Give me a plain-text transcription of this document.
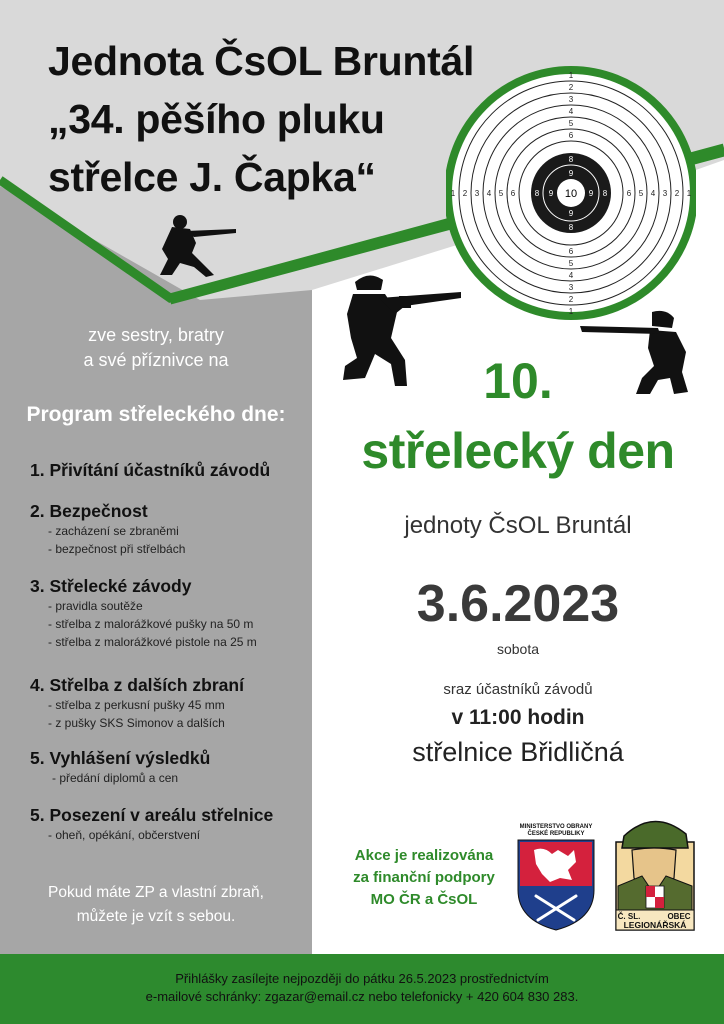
Jednota ČsOL Bruntál
„34. pěšího pluku
střelce J. Čapka“
1
1
1	1
2
2
2	2
3
3
3	3
4
4
4	4
5
5
5	5
6
6
6	6
7
7
7	7
8
8
8	8
9
9
9	9
10
zve sestry, bratry
a své příznivce na
Program střeleckého dne:

1. Přivítání účastníků závodů

2. Bezpečnost

- zacházení se zbraněmi

- bezpečnost při střelbách

3. Střelecké závody

- pravidla soutěže

- střelba z malorážkové pušky na 50 m

- střelba z malorážkové pistole na 25 m

4. Střelba z dalších zbraní

- střelba z perkusní pušky 45 mm

- z pušky SKS Simonov a dalších

5. Vyhlášení výsledků

- předání diplomů a cen

5. Posezení v areálu střelnice

- oheň, opékání, občerstvení

Pokud máte ZP a vlastní zbraň,
můžete je vzít s sebou.
10.
střelecký den
jednoty ČsOL Bruntál
3.6.2023
sobota
sraz účastníků závodů
v 11:00 hodin
střelnice Břidličná
Akce je realizována
za finanční podpory
MO ČR a ČsOL
MINISTERSTVO OBRANY
ČESKÉ REPUBLIKY
Č. SL.	OBEC
LEGIONÁŘSKÁ
Přihlášky zasílejte nejpozději do pátku 26.5.2023 prostřednictvím
e-mailové schránky: zgazar@email.cz nebo telefonicky + 420 604 830 283.
